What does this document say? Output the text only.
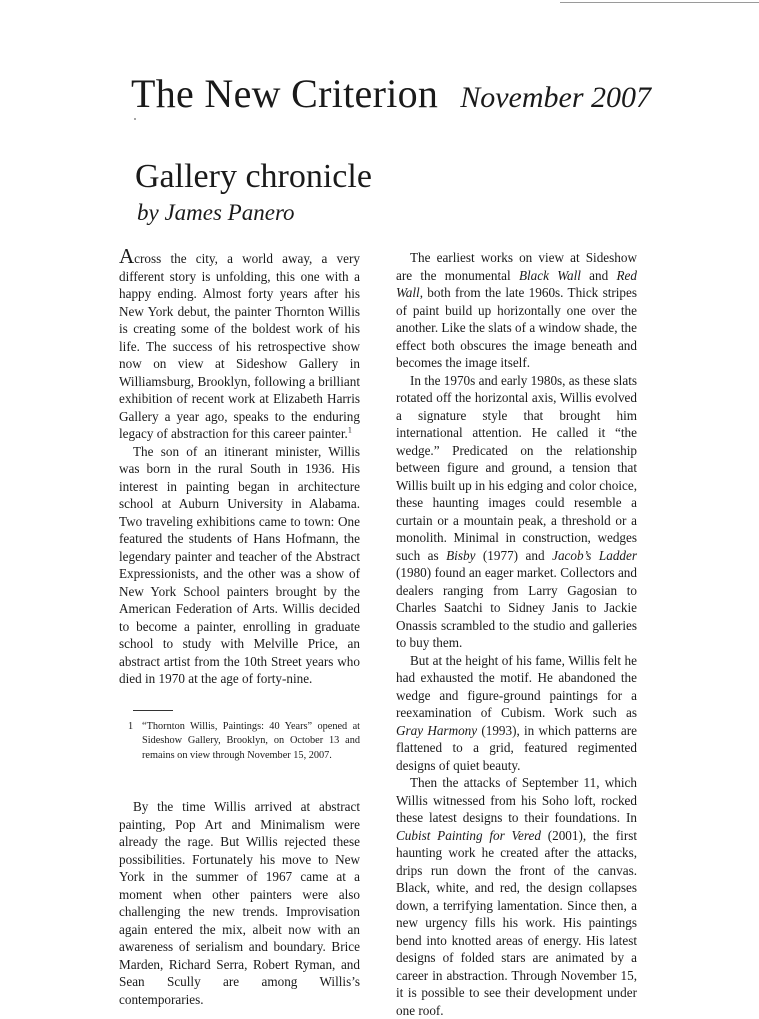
The New Criterion November 2007
Gallery chronicle
by James Panero

Across the city, a world away, a very different story is unfolding, this one with a happy ending. Almost forty years after his New York debut, the painter Thornton Willis is creating some of the boldest work of his life. The success of his retrospective show now on view at Sideshow Gallery in Williamsburg, Brooklyn, following a brilliant exhibition of recent work at Elizabeth Harris Gallery a year ago, speaks to the enduring legacy of abstraction for this career painter.$^1$

The son of an itinerant minister, Willis was born in the rural South in 1936. His interest in painting began in architecture school at Auburn University in Alabama. Two traveling exhibitions came to town: One featured the students of Hans Hofmann, the legendary painter and teacher of the Abstract Expressionists, and the other was a show of New York School painters brought by the American Federation of Arts. Willis decided to become a painter, enrolling in graduate school to study with Melville Price, an abstract artist from the 10th Street years who died in 1970 at the age of forty-nine.

1 “Thornton Willis, Paintings: 40 Years” opened at Sideshow Gallery, Brooklyn, on October 13 and remains on view through November 15, 2007.

By the time Willis arrived at abstract painting, Pop Art and Minimalism were already the rage. But Willis rejected these possibilities. Fortunately his move to New York in the summer of 1967 came at a moment when other painters were also challenging the new trends. Improvisation again entered the mix, albeit now with an awareness of serialism and boundary. Brice Marden, Richard Serra, Robert Ryman, and Sean Scully are among Willis’s contemporaries.

The earliest works on view at Sideshow are the monumental Black Wall and Red Wall, both from the late 1960s. Thick stripes of paint build up horizontally one over the another. Like the slats of a window shade, the effect both obscures the image beneath and becomes the image itself.

In the 1970s and early 1980s, as these slats rotated off the horizontal axis, Willis evolved a signature style that brought him international attention. He called it “the wedge.” Predicated on the relationship between figure and ground, a tension that Willis built up in his edging and color choice, these haunting images could resemble a curtain or a mountain peak, a threshold or a monolith. Minimal in construction, wedges such as Bisby (1977) and Jacob’s Ladder (1980) found an eager market. Collectors and dealers ranging from Larry Gagosian to Charles Saatchi to Sidney Janis to Jackie Onassis scrambled to the studio and galleries to buy them.

But at the height of his fame, Willis felt he had exhausted the motif. He abandoned the wedge and figure-ground paintings for a reexamination of Cubism. Work such as Gray Harmony (1993), in which patterns are flattened to a grid, featured regimented designs of quiet beauty.

Then the attacks of September 11, which Willis witnessed from his Soho loft, rocked these latest designs to their foundations. In Cubist Painting for Vered (2001), the first haunting work he created after the attacks, drips run down the front of the canvas. Black, white, and red, the design collapses down, a terrifying lamentation. Since then, a new urgency fills his work. His paintings bend into knotted areas of energy. His latest designs of folded stars are animated by a career in abstraction. Through November 15, it is possible to see their development under one roof.
